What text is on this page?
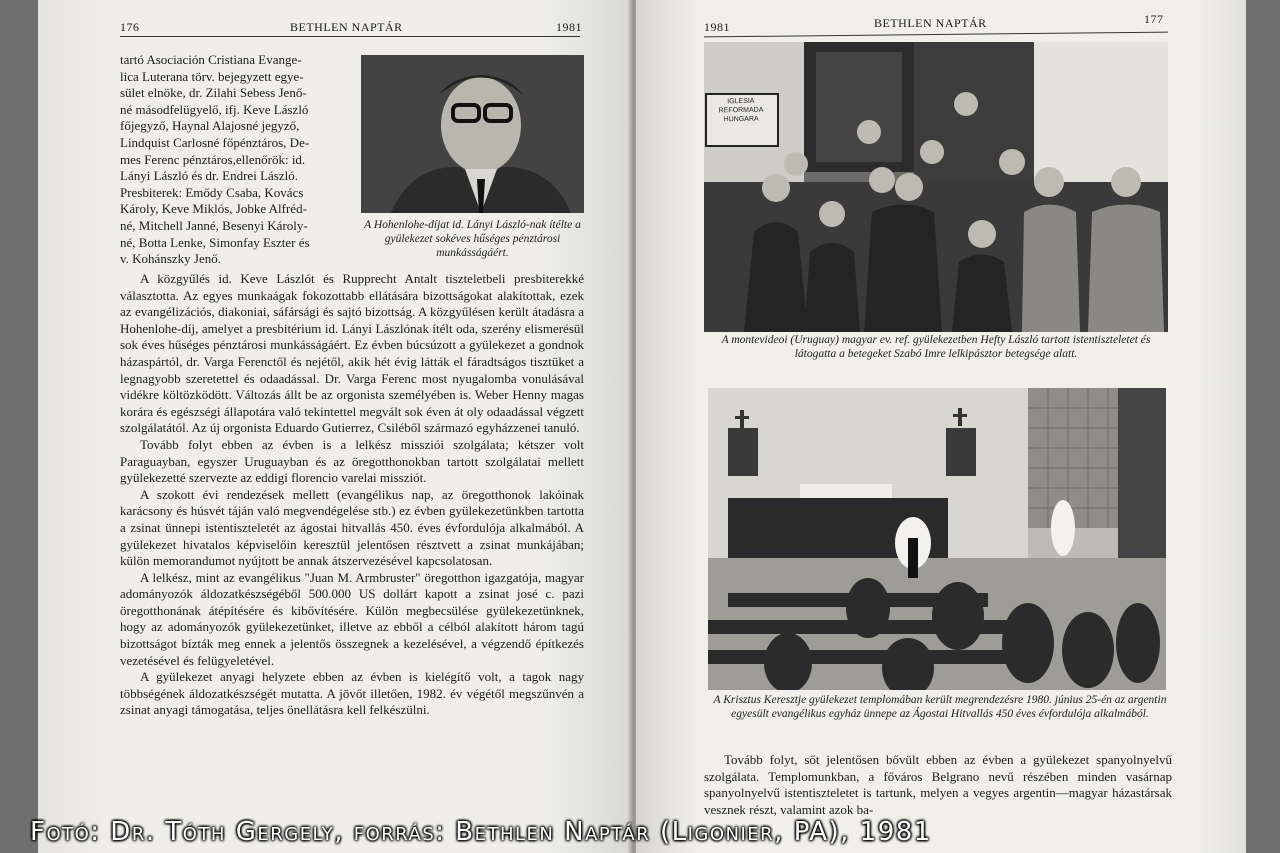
176	BETHLEN NAPTÁR	1981
tartó Asociación Cristiana Evange-
lica Luterana törv. bejegyzett egye-
sület elnöke, dr. Zilahi Sebess Jenő-
né másodfelügyelő, ifj. Keve László
főjegyző, Haynal Alajosné jegyző,
Lindquist Carlosné főpénztáros, De-
mes Ferenc pénztáros,ellenőrök: id.
Lányi László és dr. Endrei László.
Presbiterek: Emődy Csaba, Kovács
Károly, Keve Miklós, Jobke Alfréd-
né, Mitchell Janné, Besenyi Károly-
né, Botta Lenke, Simonfay Eszter és
v. Kohánszky Jenő.
A Hohenlohe-díjat id. Lányi László-nak ítélte a gyülekezet sokéves hűséges pénztárosi munkásságáért.

A közgyűlés id. Keve Lászlót és Rupprecht Antalt tiszteletbeli presbiterekké választotta. Az egyes munkaágak fokozottabb ellátására bizottságokat alakítottak, ezek az evangélizációs, diakoniai, sáfársági és sajtó bizottság. A közgyűlésen került átadásra a Hohenlohe-díj, amelyet a presbitérium id. Lányi Lászlónak ítélt oda, szerény elismerésül sok éves hűséges pénztárosi munkásságáért. Ez évben búcsúzott a gyülekezet a gondnok házaspártól, dr. Varga Ferenctől és nejétől, akik hét évig látták el fáradtságos tisztüket a legnagyobb szeretettel és odaadással. Dr. Varga Ferenc most nyugalomba vonulásával vidékre költözködött. Változás állt be az orgonista személyében is. Weber Henny magas korára és egészségi állapotára való tekintettel megvált sok éven át oly odaadással végzett szolgálatától. Az új orgonista Eduardo Gutierrez, Csiléből származó egyházzenei tanuló.

Tovább folyt ebben az évben is a lelkész missziói szolgálata; kétszer volt Paraguayban, egyszer Uruguayban és az öregotthonokban tartott szolgálatai mellett gyülekezetté szervezte az eddigi florencio varelai missziót.

A szokott évi rendezések mellett (evangélikus nap, az öregotthonok lakóinak karácsony és húsvét táján való megvendégelése stb.) ez évben gyülekezetünkben tartotta a zsinat ünnepi istentiszteletét az ágostai hitvallás 450. éves évfordulója alkalmából. A gyülekezet hivatalos képviselőin keresztül jelentősen résztvett a zsinat munkájában; külön memorandumot nyújtott be annak átszervezésével kapcsolatosan.

A lelkész, mint az evangélikus "Juan M. Armbruster" öregotthon igazgatója, magyar adományozók áldozatkészségéből 500.000 US dollárt kapott a zsinat josé c. pazi öregotthonának átépítésére és kibővítésére. Külön megbecsülése gyülekezetünknek, hogy az adományozók gyülekezetünket, illetve az ebből a célból alakított három tagú bizottságot bízták meg ennek a jelentős összegnek a kezelésével, a végzendő építkezés vezetésével és felügyeletével.

A gyülekezet anyagi helyzete ebben az évben is kielégítő volt, a tagok nagy többségének áldozatkészségét mutatta. A jövőt illetően, 1982. év végétől megszűnvén a zsinat anyagi támogatása, teljes önellátásra kell felkészülni.

1981	BETHLEN NAPTÁR	177
IGLESIA REFORMADA
HUNGARA
A montevideoi (Uruguay) magyar ev. ref. gyülekezetben Hefty László tartott istentiszteletet és látogatta a betegeket Szabó Imre lelkipásztor betegsége alatt.
A Krisztus Keresztje gyülekezet templomában került megrendezésre 1980. június 25-én az argentin egyesült evangélikus egyház ünnepe az Ágostai Hitvallás 450 éves évfordulója alkalmából.

Tovább folyt, sőt jelentősen bővült ebben az évben a gyülekezet spanyolnyelvű szolgálata. Templomunkban, a főváros Belgrano nevű részében minden vasárnap spanyolnyelvű istentiszteletet is tartunk, melyen a vegyes argentin—magyar házastársak vesznek részt, valamint azok ba-

Fotó: Dr. Tóth Gergely, forrás: Bethlen Naptár (Ligonier, PA), 1981
